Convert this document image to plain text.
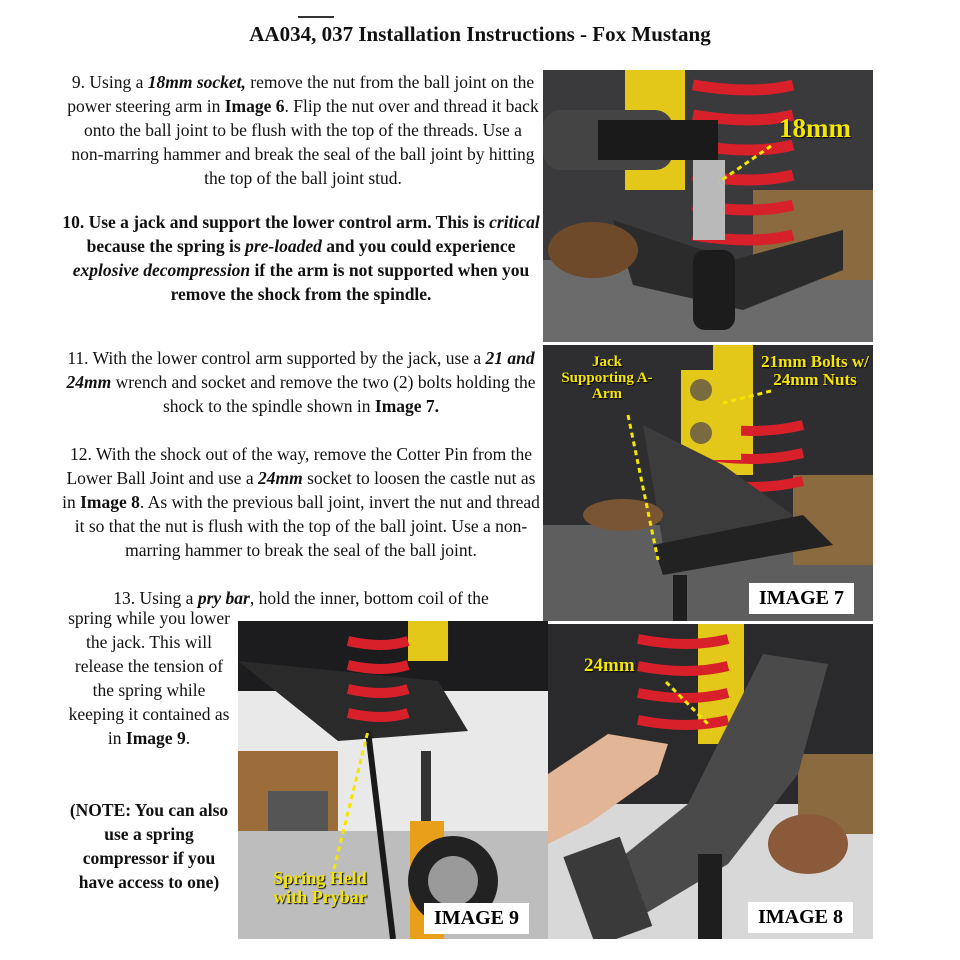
AA034, 037 Installation Instructions - Fox Mustang

9. Using a 18mm socket, remove the nut from the ball joint on the power steering arm in Image 6. Flip the nut over and thread it back onto the ball joint to be flush with the top of the threads. Use a non-marring hammer and break the seal of the ball joint by hitting the top of the ball joint stud.

10. Use a jack and support the lower control arm. This is critical because the spring is pre-loaded and you could experience explosive decompression if the arm is not supported when you remove the shock from the spindle.

11. With the lower control arm supported by the jack, use a 21 and 24mm wrench and socket and remove the two (2) bolts holding the shock to the spindle shown in Image 7.

12. With the shock out of the way, remove the Cotter Pin from the Lower Ball Joint and use a 24mm socket to loosen the castle nut as in Image 8. As with the previous ball joint, invert the nut and thread it so that the nut is flush with the top of the ball joint. Use a non-marring hammer to break the seal of the ball joint.

13. Using a pry bar, hold the inner, bottom coil of the

spring while you lower the jack. This will release the tension of the spring while keeping it contained as in Image 9.

(NOTE: You can also use a spring compressor if you have access to one)

18mm
Jack Supporting A-Arm
21mm Bolts w/ 24mm Nuts
IMAGE 7
Spring Held with Prybar
IMAGE 9
24mm
IMAGE 8
